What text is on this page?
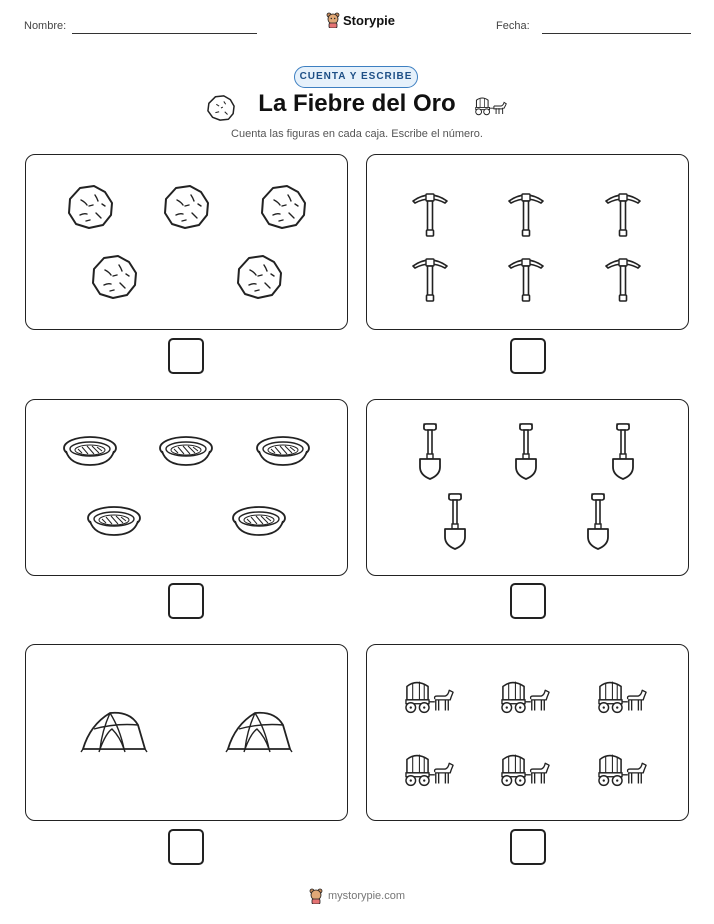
Nombre:	Storypie	Fecha:
CUENTA Y ESCRIBE
La Fiebre del Oro
Cuenta las figuras en cada caja. Escribe el número.
mystorypie.com
